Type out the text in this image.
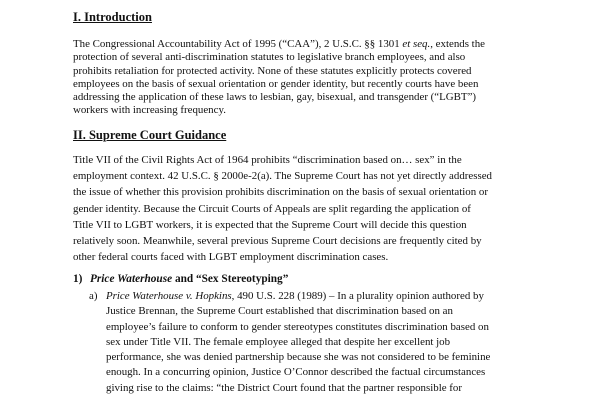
I. Introduction
The Congressional Accountability Act of 1995 (“CAA”), 2 U.S.C. §§ 1301 et seq., extends the
protection of several anti-discrimination statutes to legislative branch employees, and also
prohibits retaliation for protected activity. None of these statutes explicitly protects covered
employees on the basis of sexual orientation or gender identity, but recently courts have been
addressing the application of these laws to lesbian, gay, bisexual, and transgender (“LGBT”)
workers with increasing frequency.
II. Supreme Court Guidance
Title VII of the Civil Rights Act of 1964 prohibits “discrimination based on… sex” in the
employment context. 42 U.S.C. § 2000e-2(a). The Supreme Court has not yet directly addressed
the issue of whether this provision prohibits discrimination on the basis of sexual orientation or
gender identity. Because the Circuit Courts of Appeals are split regarding the application of
Title VII to LGBT workers, it is expected that the Supreme Court will decide this question
relatively soon. Meanwhile, several previous Supreme Court decisions are frequently cited by
other federal courts faced with LGBT employment discrimination cases.
1) Price Waterhouse and “Sex Stereotyping”
a) Price Waterhouse v. Hopkins, 490 U.S. 228 (1989) – In a plurality opinion authored by
Justice Brennan, the Supreme Court established that discrimination based on an
employee’s failure to conform to gender stereotypes constitutes discrimination based on
sex under Title VII. The female employee alleged that despite her excellent job
performance, she was denied partnership because she was not considered to be feminine
enough. In a concurring opinion, Justice O’Connor described the factual circumstances
giving rise to the claims: “the District Court found that the partner responsible for
